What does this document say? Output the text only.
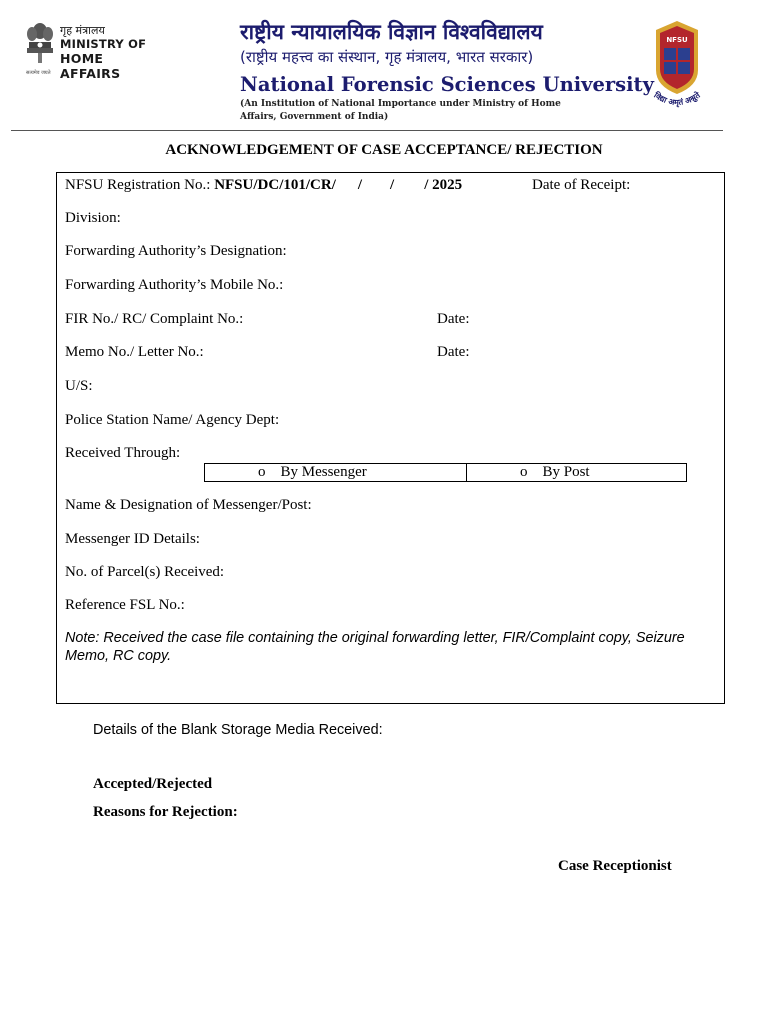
गृह मंत्रालय
MINISTRY OF
HOME AFFAIRS
सत्यमेव जयते
राष्ट्रीय न्यायालयिक विज्ञान विश्वविद्यालय
(राष्ट्रीय महत्त्व का संस्थान, गृह मंत्रालय, भारत सरकार)
National Forensic Sciences University
(An Institution of National Importance under Ministry of Home Affairs, Government of India)
NFSU
विद्या अमृतं अश्नुते
ACKNOWLEDGEMENT OF CASE ACCEPTANCE/ REJECTION
NFSU Registration No.: NFSU/DC/101/CR/ / / / 2025	Date of Receipt:
Division:
Forwarding Authority’s Designation:
Forwarding Authority’s Mobile No.:
FIR No./ RC/ Complaint No.:	Date:
Memo No./ Letter No.:	Date:
U/S:
Police Station Name/ Agency Dept:
Received Through:
o By Messenger	o By Post
Name & Designation of Messenger/Post:
Messenger ID Details:
No. of Parcel(s) Received:
Reference FSL No.:
Note: Received the case file containing the original forwarding letter, FIR/Complaint copy, Seizure Memo, RC copy.
Details of the Blank Storage Media Received:
Accepted/Rejected
Reasons for Rejection:
Case Receptionist
